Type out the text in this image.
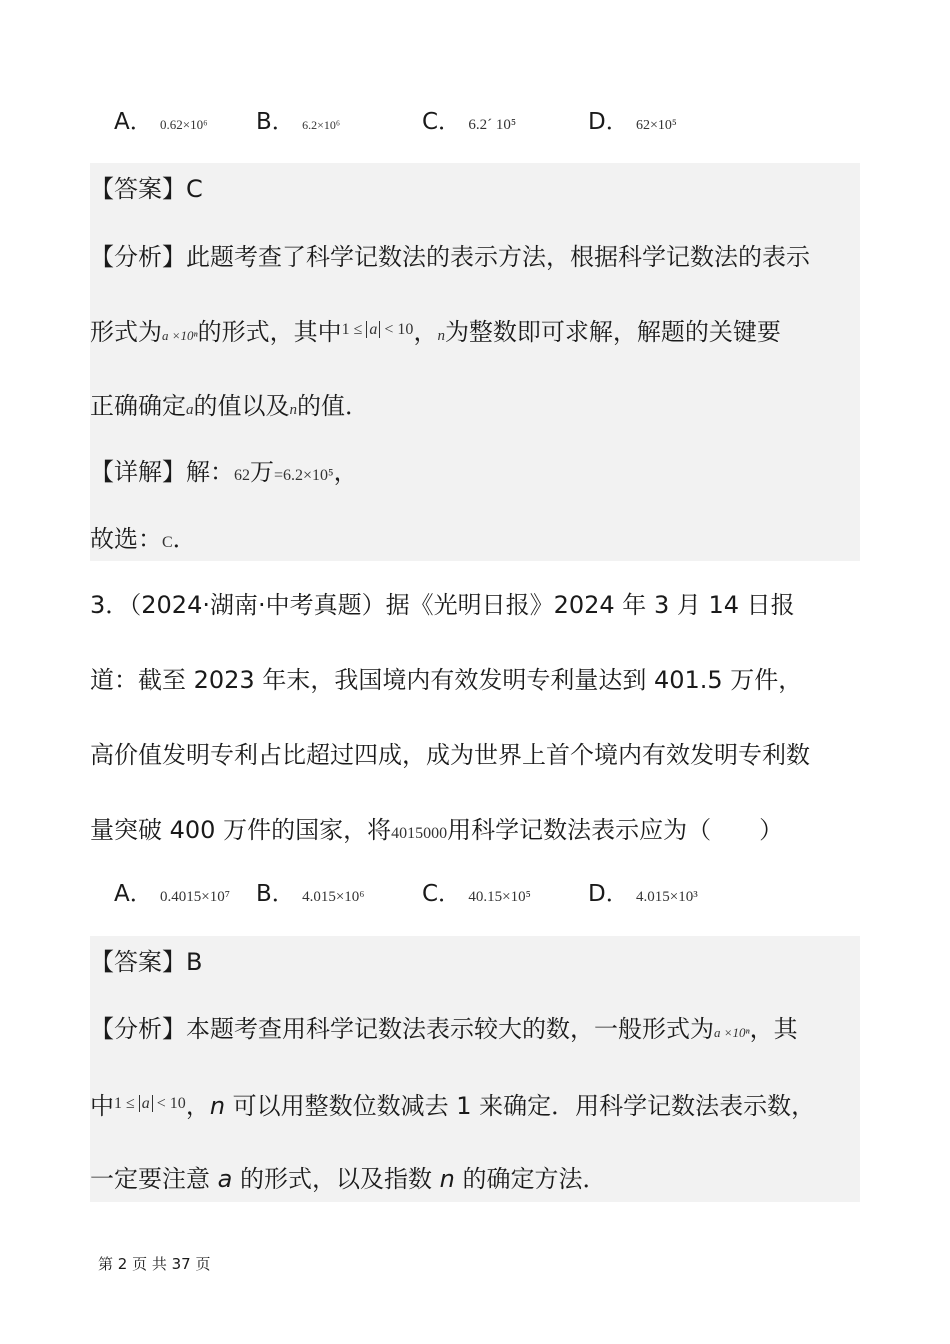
A． 0.62×10⁶ B． 6.2×10⁶	C． 6.2´ 10⁵	D． 62×10⁵
【答案】C
【分析】此题考查了科学记数法的表示方法，根据科学记数法的表示
形式为a ×10ⁿ的形式，其中$^{1 \le a < 10}$，n为整数即可求解，解题的关键要
正确确定a的值以及n的值．
【详解】解：62万=6.2×10⁵，
故选：C．
3．（2024·湖南·中考真题）据《光明日报》2024 年 3 月 14 日报
道：截至 2023 年末，我国境内有效发明专利量达到 401.5 万件，
高价值发明专利占比超过四成，成为世界上首个境内有效发明专利数
量突破 400 万件的国家，将4015000用科学记数法表示应为（　　）
A． 0.4015×10⁷ B． 4.015×10⁶ C． 40.15×10⁵ D． 4.015×10³
【答案】B
【分析】本题考查用科学记数法表示较大的数，一般形式为a ×10ⁿ，其
中$^{1 \le a < 10}$，n 可以用整数位数减去 1 来确定．用科学记数法表示数，
一定要注意 a 的形式，以及指数 n 的确定方法．
第 2 页 共 37 页
